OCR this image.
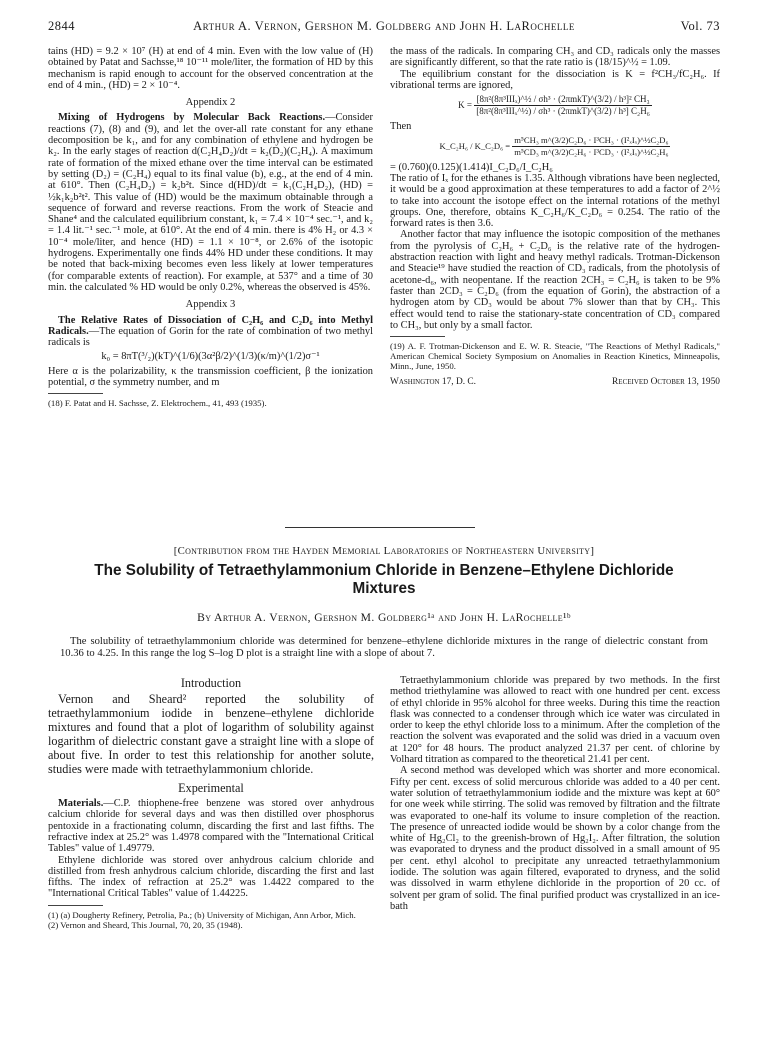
2844	Arthur A. Vernon, Gershon M. Goldberg and John H. LaRochelle	Vol. 73

tains (HD) = 9.2 × 10⁷ (H) at end of 4 min. Even with the low value of (H) obtained by Patat and Sachsse,¹⁸ 10⁻¹¹ mole/liter, the formation of HD by this mechanism is rapid enough to account for the observed concentration at the end of 4 min., (HD) = 2 × 10⁻⁴.

Appendix 2

Mixing of Hydrogens by Molecular Back Reactions.—Consider reactions (7), (8) and (9), and let the over-all rate constant for any ethane decomposition be k₁, and for any combination of ethylene and hydrogen be k₂. In the early stages of reaction d(C₂H₄D₂)/dt = k₂(D₂)(C₂H₄). A maximum rate of formation of the mixed ethane over the time interval can be estimated by setting (D₂) = (C₂H₄) equal to its final value (b), e.g., at the end of 4 min. at 610°. Then (C₂H₄D₂) = k₂b²t. Since d(HD)/dt = k₁(C₂H₄D₂), (HD) = ½k₁k₂b²t². This value of (HD) would be the maximum obtainable through a sequence of forward and reverse reactions. From the work of Steacie and Shane⁴ and the calculated equilibrium constant, k₁ = 7.4 × 10⁻⁴ sec.⁻¹, and k₂ = 1.4 lit.⁻¹ sec.⁻¹ mole, at 610°. At the end of 4 min. there is 4% H₂ or 4.3 × 10⁻⁴ mole/liter, and hence (HD) = 1.1 × 10⁻⁸, or 2.6% of the isotopic hydrogens. Experimentally one finds 44% HD under these conditions. It may be noted that back-mixing becomes even less likely at lower temperatures (for comparable extents of reaction). For example, at 537° and a time of 30 min. the calculated % HD would be only 0.2%, whereas the observed is 45%.

Appendix 3

The Relative Rates of Dissociation of C₂H₆ and C₂D₆ into Methyl Radicals.—The equation of Gorin for the rate of combination of two methyl radicals is

k₀ = 8πT(³/₂)(kT)^(1/6)(3α²β/2)^(1/3)(κ/m)^(1/2)σ⁻¹

Here α is the polarizability, κ the transmission coefficient, β the ionization potential, σ the symmetry number, and m

(18) F. Patat and H. Sachsse, Z. Elektrochem., 41, 493 (1935).

the mass of the radicals. In comparing CH₃ and CD₃ radicals only the masses are significantly different, so that the rate ratio is (18/15)^½ = 1.09.

The equilibrium constant for the dissociation is K = f²CH₃/fC₂H₆. If vibrational terms are ignored,

$K = \frac{\text{[8π²(8π³IIIₓ)\textasciicircum{}½ / σh³ · (2πmkT)\textasciicircum{}(3/2) / h³]² CH₃}}{\text{[8π²(8π³IIIₓ\textasciicircum{}½) / σh³ · (2πmkT)\textasciicircum{}(3/2) / h³] C₂H₆}}$

Then

K_C₂H₆ / K_C₂D₆ = $\frac{\text{m⁵CH₃ m\textasciicircum{}(3/2)C₂D₆ · I³CH₃ · (I²ₓIₓ)\textasciicircum{}½C₂D₆}}{\text{m⁵CD₃ m\textasciicircum{}(3/2)C₂H₆ · I³CD₃ · (I²ₓIₓ)\textasciicircum{}½C₂H₆}}$

= (0.760)(0.125)(1.414)I_C₂D₆/I_C₂H₆

The ratio of Iₓ for the ethanes is 1.35. Although vibrations have been neglected, it would be a good approximation at these temperatures to add a factor of 2^½ to take into account the isotope effect on the internal rotations of the methyl groups. One, therefore, obtains K_C₂H₆/K_C₂D₆ = 0.254. The ratio of the forward rates is then 3.6.

Another factor that may influence the isotopic composition of the methanes from the pyrolysis of C₂H₆ + C₂D₆ is the relative rate of the hydrogen-abstraction reaction with light and heavy methyl radicals. Trotman-Dickenson and Steacie¹⁹ have studied the reaction of CD₃ radicals, from the photolysis of acetone-d₆, with neopentane. If the reaction 2CH₃ = C₂H₆ is taken to be 9% faster than 2CD₃ = C₂D₆ (from the equation of Gorin), the abstraction of a hydrogen atom by CD₃ would be about 7% slower than that by CH₃. This effect would tend to raise the stationary-state concentration of CD₃ compared to CH₃, but only by a small factor.

(19) A. F. Trotman-Dickenson and E. W. R. Steacie, "The Reactions of Methyl Radicals," American Chemical Society Symposium on Anomalies in Reaction Kinetics, Minneapolis, Minn., June, 1950.

Washington 17, D. C.	Received October 13, 1950
[Contribution from the Hayden Memorial Laboratories of Northeastern University]
The Solubility of Tetraethylammonium Chloride in Benzene–Ethylene Dichloride
Mixtures
By Arthur A. Vernon, Gershon M. Goldberg¹ᵃ and John H. LaRochelle¹ᵇ

The solubility of tetraethylammonium chloride was determined for benzene–ethylene dichloride mixtures in the range of dielectric constant from 10.36 to 4.25. In this range the log S–log D plot is a straight line with a slope of about 7.

Introduction

Vernon and Sheard² reported the solubility of tetraethylammonium iodide in benzene–ethylene dichloride mixtures and found that a plot of logarithm of solubility against logarithm of dielectric constant gave a straight line with a slope of about five. In order to test this relationship for another solute, studies were made with tetraethylammonium chloride.

Experimental

Materials.—C.P. thiophene-free benzene was stored over anhydrous calcium chloride for several days and was then distilled over phosphorus pentoxide in a fractionating column, discarding the first and last fifths. The refractive index at 25.2° was 1.4978 compared with the "International Critical Tables" value of 1.49779.

Ethylene dichloride was stored over anhydrous calcium chloride and distilled from fresh anhydrous calcium chloride, discarding the first and last fifths. The index of refraction at 25.2° was 1.4422 compared to the "International Critical Tables" value of 1.44225.

(1) (a) Dougherty Refinery, Petrolia, Pa.; (b) University of Michigan, Ann Arbor, Mich.

(2) Vernon and Sheard, This Journal, 70, 20, 35 (1948).

Tetraethylammonium chloride was prepared by two methods. In the first method triethylamine was allowed to react with one hundred per cent. excess of ethyl chloride in 95% alcohol for three weeks. During this time the reaction flask was connected to a condenser through which ice water was circulated in order to keep the ethyl chloride loss to a minimum. After the completion of the reaction the solvent was evaporated and the solid was dried in a vacuum oven at 120° for 48 hours. The product analyzed 21.37 per cent. of chlorine by Volhard titration as compared to the theoretical 21.41 per cent.

A second method was developed which was shorter and more economical. Fifty per cent. excess of solid mercurous chloride was added to a 40 per cent. water solution of tetraethylammonium iodide and the mixture was kept at 60° for one week while stirring. The solid was removed by filtration and the filtrate was evaporated to one-half its volume to insure completion of the reaction. The presence of unreacted iodide would be shown by a color change from the white of Hg₂Cl₂ to the greenish-brown of Hg₂I₂. After filtration, the solution was evaporated to dryness and the product dissolved in a small amount of 95 per cent. ethyl alcohol to precipitate any unreacted tetraethylammonium iodide. The solution was again filtered, evaporated to dryness, and the solid was dissolved in warm ethylene dichloride in the proportion of 20 cc. of solvent per gram of solid. The final purified product was crystallized in an ice-bath
